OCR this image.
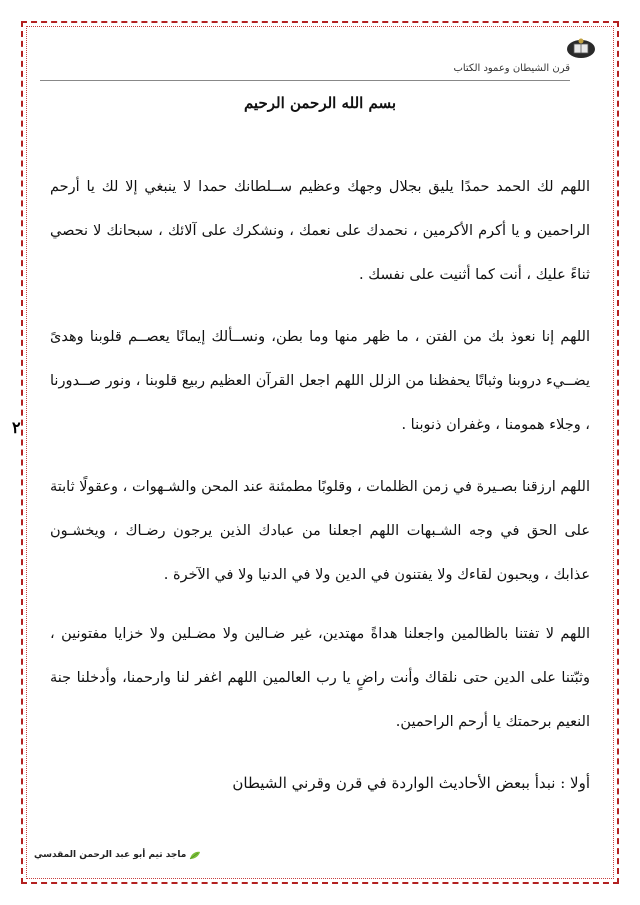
قرن الشيطان وعمود الكتاب
بسم الله الرحمن الرحيم
اللهم لك الحمد حمدًا يليق بجلال وجهك وعظيم ســلطانك حمدا لا ينبغي إلا لك يا أرحم الراحمين و يا أكرم الأكرمين ، نحمدك على نعمك ، ونشكرك على آلائك ، سبحانك لا نحصي ثناءً عليك ، أنت كما أثنيت على نفسك .
اللهم إنا نعوذ بك من الفتن ، ما ظهر منها وما بطن، ونســألك إيمانًا يعصــم قلوبنا وهدىً يضــيء دروبنا وثباتًا يحفظنا من الزلل اللهم اجعل القرآن العظيم ربيع قلوبنا ، ونور صــدورنا ، وجلاء همومنا ، وغفران ذنوبنا .
اللهم ارزقنا بصـيرة في زمن الظلمات ، وقلوبًا مطمئنة عند المحن والشـهوات ، وعقولًا ثابتة على الحق في وجه الشـبهات اللهم اجعلنا من عبادك الذين يرجون رضـاك ، ويخشـون عذابك ، ويحبون لقاءك ولا يفتنون في الدين ولا في الدنيا ولا في الآخرة .
اللهم لا تفتنا بالظالمين واجعلنا هداةً مهتدين، غير ضـالين ولا مضـلين ولا خزايا مفتونين ، وثبّتنا على الدين حتى نلقاك وأنت راضٍ يا رب العالمين اللهم اغفر لنا وارحمنا، وأدخلنا جنة النعيم برحمتك يا أرحم الراحمين.
أولا : نبدأ ببعض الأحاديث الواردة في قرن وقرني الشيطان
٢
ماجد تيم أبو عبد الرحمن المقدسي
